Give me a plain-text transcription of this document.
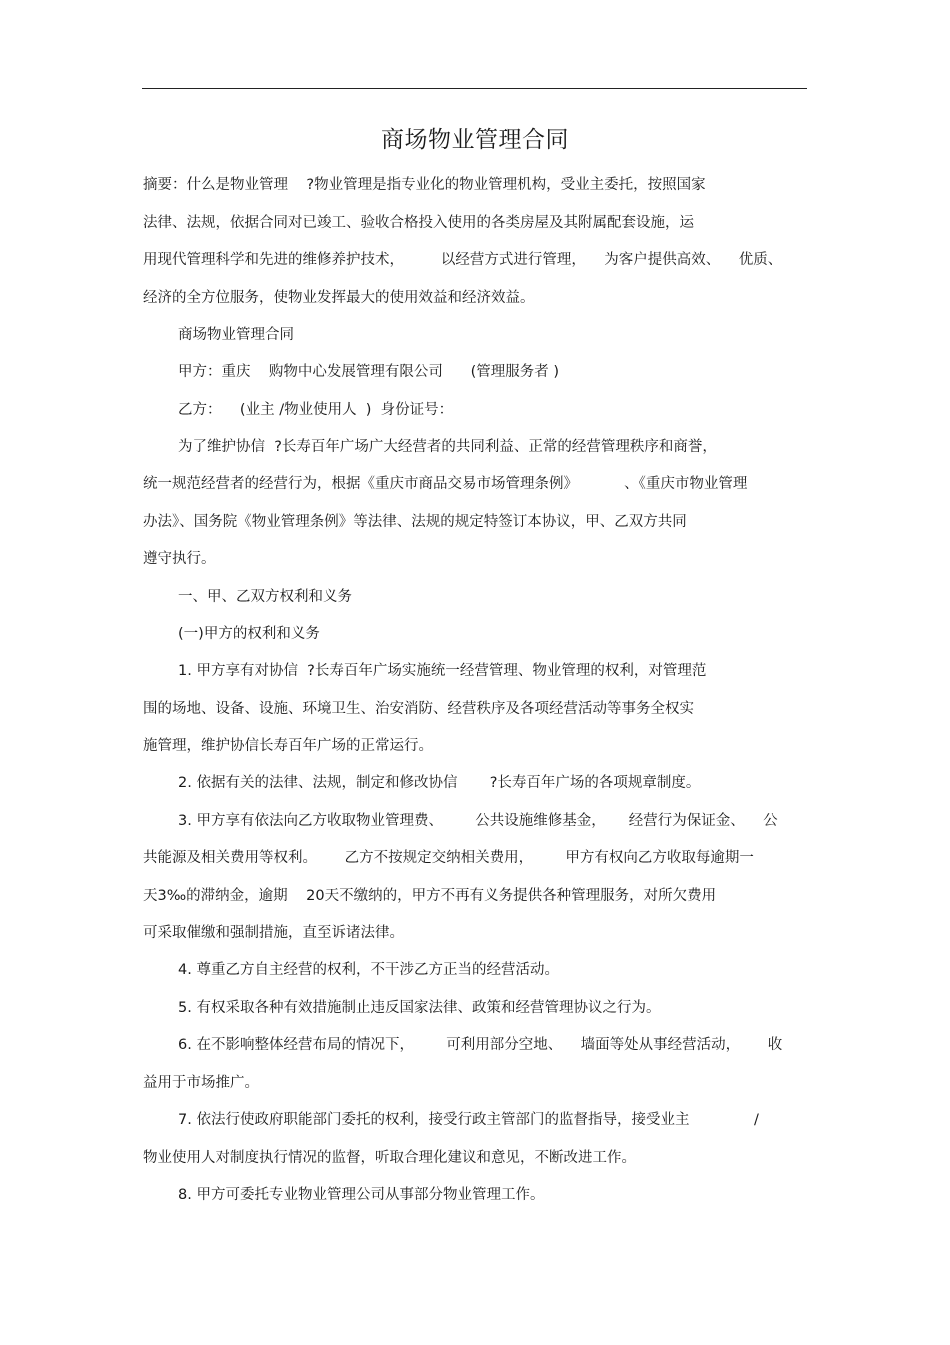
商场物业管理合同
摘要：什么是物业管理    ?物业管理是指专业化的物业管理机构，受业主委托，按照国家
法律、法规，依据合同对已竣工、验收合格投入使用的各类房屋及其附属配套设施，运
用现代管理科学和先进的维修养护技术，        以经营方式进行管理，    为客户提供高效、    优质、
经济的全方位服务，使物业发挥最大的使用效益和经济效益。
商场物业管理合同
甲方：重庆    购物中心发展管理有限公司      (管理服务者 )
乙方：    (业主 /物业使用人  )  身份证号：
为了维护协信  ?长寿百年广场广大经营者的共同利益、正常的经营管理秩序和商誉，
统一规范经营者的经营行为，根据《重庆市商品交易市场管理条例》          、《重庆市物业管理
办法》、国务院《物业管理条例》等法律、法规的规定特签订本协议，甲、乙双方共同
遵守执行。
一、甲、乙双方权利和义务
(一)甲方的权利和义务
1. 甲方享有对协信  ?长寿百年广场实施统一经营管理、物业管理的权利，对管理范
围的场地、设备、设施、环境卫生、治安消防、经营秩序及各项经营活动等事务全权实
施管理，维护协信长寿百年广场的正常运行。
2. 依据有关的法律、法规，制定和修改协信       ?长寿百年广场的各项规章制度。
3. 甲方享有依法向乙方收取物业管理费、       公共设施维修基金，     经营行为保证金、    公
共能源及相关费用等权利。      乙方不按规定交纳相关费用，       甲方有权向乙方收取每逾期一
天3‰的滞纳金，逾期    20天不缴纳的，甲方不再有义务提供各种管理服务，对所欠费用
可采取催缴和强制措施，直至诉诸法律。
4. 尊重乙方自主经营的权利，不干涉乙方正当的经营活动。
5. 有权采取各种有效措施制止违反国家法律、政策和经营管理协议之行为。
6. 在不影响整体经营布局的情况下，       可利用部分空地、    墙面等处从事经营活动，      收
益用于市场推广。
7. 依法行使政府职能部门委托的权利，接受行政主管部门的监督指导，接受业主              /
物业使用人对制度执行情况的监督，听取合理化建议和意见，不断改进工作。
8. 甲方可委托专业物业管理公司从事部分物业管理工作。
